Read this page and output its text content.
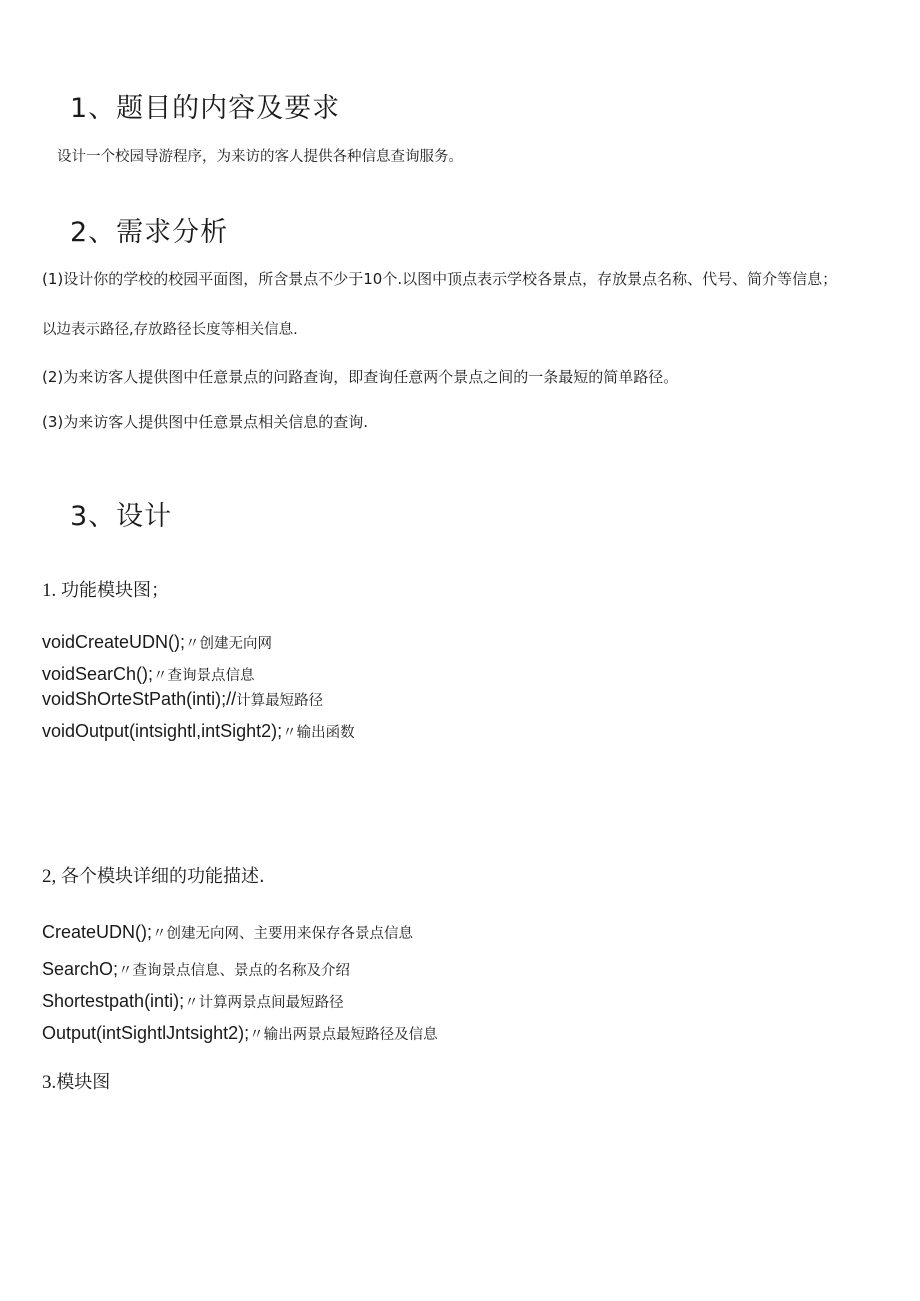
1、题目的内容及要求
设计一个校园导游程序，为来访的客人提供各种信息查询服务。
2、需求分析
(1)设计你的学校的校园平面图，所含景点不少于10个.以图中顶点表示学校各景点，存放景点名称、代号、简介等信息；
以边表示路径,存放路径长度等相关信息.
(2)为来访客人提供图中任意景点的问路查询，即查询任意两个景点之间的一条最短的简单路径。
(3)为来访客人提供图中任意景点相关信息的查询.
3、设计
1. 功能模块图；
voidCreateUDN();〃创建无向网
voidSearCh();〃查询景点信息
voidShOrteStPath(inti);//计算最短路径
voidOutput(intsightl,intSight2);〃输出函数
2, 各个模块详细的功能描述.
CreateUDN();〃创建无向网、主要用来保存各景点信息
SearchO;〃查询景点信息、景点的名称及介绍
Shortestpath(inti);〃计算两景点间最短路径
Output(intSightlJntsight2);〃输出两景点最短路径及信息
3.模块图
